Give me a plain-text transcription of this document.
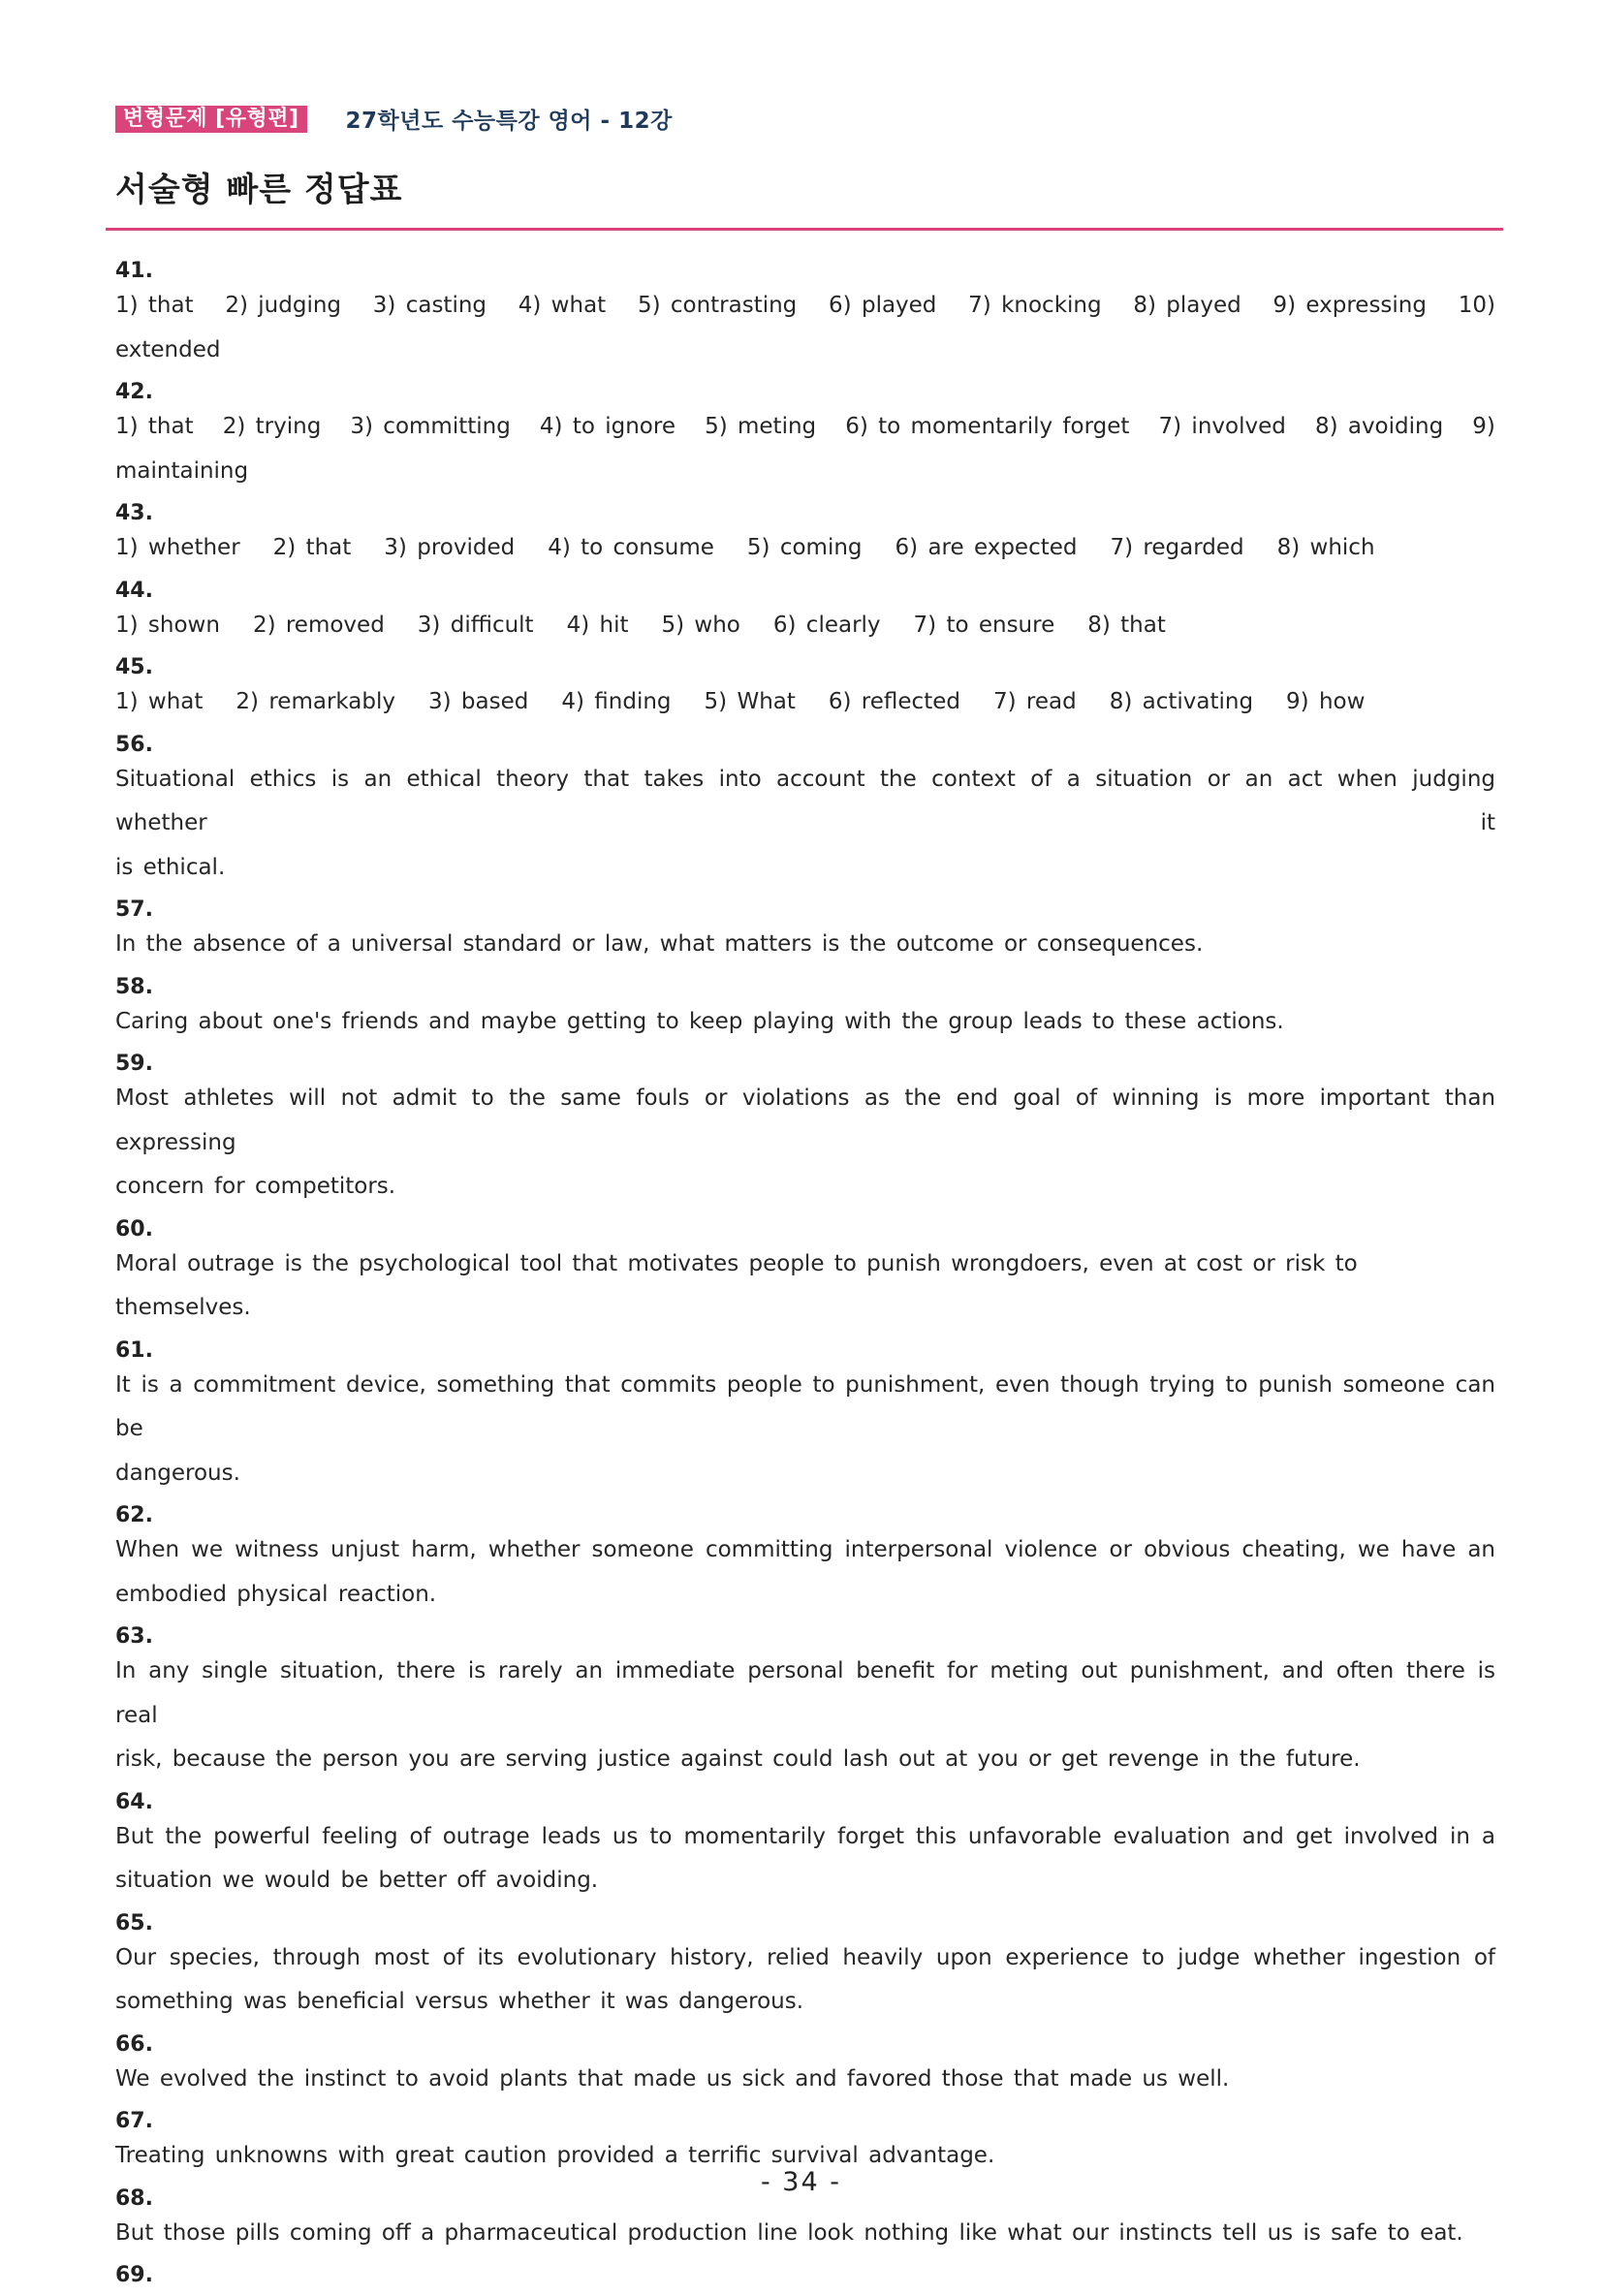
변형문제 [유형편]	27학년도 수능특강 영어 - 12강
서술형 빠른 정답표
41.
1) that 2) judging 3) casting 4) what 5) contrasting 6) played 7) knocking 8) played 9) expressing 10)
extended
42.
1) that 2) trying 3) committing 4) to ignore 5) meting 6) to momentarily forget 7) involved 8) avoiding 9)
maintaining
43.
1) whether 2) that 3) provided 4) to consume 5) coming 6) are expected 7) regarded 8) which
44.
1) shown 2) removed 3) difficult 4) hit 5) who 6) clearly 7) to ensure 8) that
45.
1) what 2) remarkably 3) based 4) finding 5) What 6) reflected 7) read 8) activating 9) how
56.
Situational ethics is an ethical theory that takes into account the context of a situation or an act when judging whether it
is ethical.
57.
In the absence of a universal standard or law, what matters is the outcome or consequences.
58.
Caring about one's friends and maybe getting to keep playing with the group leads to these actions.
59.
Most athletes will not admit to the same fouls or violations as the end goal of winning is more important than expressing
concern for competitors.
60.
Moral outrage is the psychological tool that motivates people to punish wrongdoers, even at cost or risk to themselves.
61.
It is a commitment device, something that commits people to punishment, even though trying to punish someone can be
dangerous.
62.
When we witness unjust harm, whether someone committing interpersonal violence or obvious cheating, we have an
embodied physical reaction.
63.
In any single situation, there is rarely an immediate personal benefit for meting out punishment, and often there is real
risk, because the person you are serving justice against could lash out at you or get revenge in the future.
64.
But the powerful feeling of outrage leads us to momentarily forget this unfavorable evaluation and get involved in a
situation we would be better off avoiding.
65.
Our species, through most of its evolutionary history, relied heavily upon experience to judge whether ingestion of
something was beneficial versus whether it was dangerous.
66.
We evolved the instinct to avoid plants that made us sick and favored those that made us well.
67.
Treating unknowns with great caution provided a terrific survival advantage.
68.
But those pills coming off a pharmaceutical production line look nothing like what our instincts tell us is safe to eat.
69.
- 34 -
